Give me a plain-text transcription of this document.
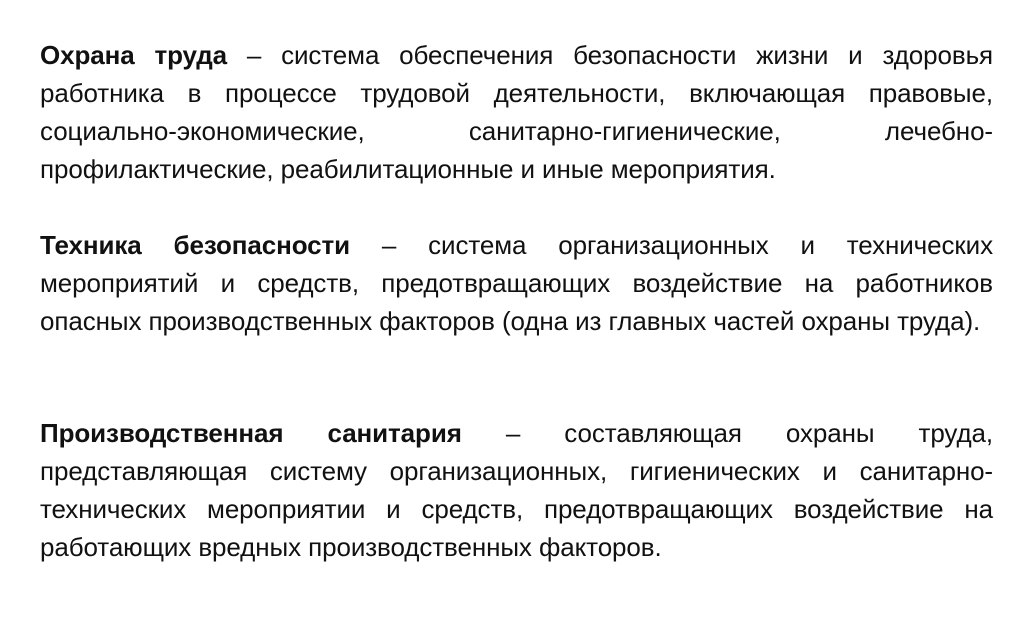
Охрана труда – система обеспечения безопасности жизни и здоровья работника в процессе трудовой деятельности, включающая правовые, социально-экономические, санитарно-гигиенические, лечебно-профилактические, реабилитационные и иные мероприятия.

Техника безопасности – система организационных и технических мероприятий и средств, предотвращающих воздействие на работников опасных производственных факторов (одна из главных частей охраны труда).

Производственная санитария – составляющая охраны труда, представляющая систему организационных, гигиенических и санитарно-технических мероприятии и средств, предотвращающих воздействие на работающих вредных производственных факторов.
